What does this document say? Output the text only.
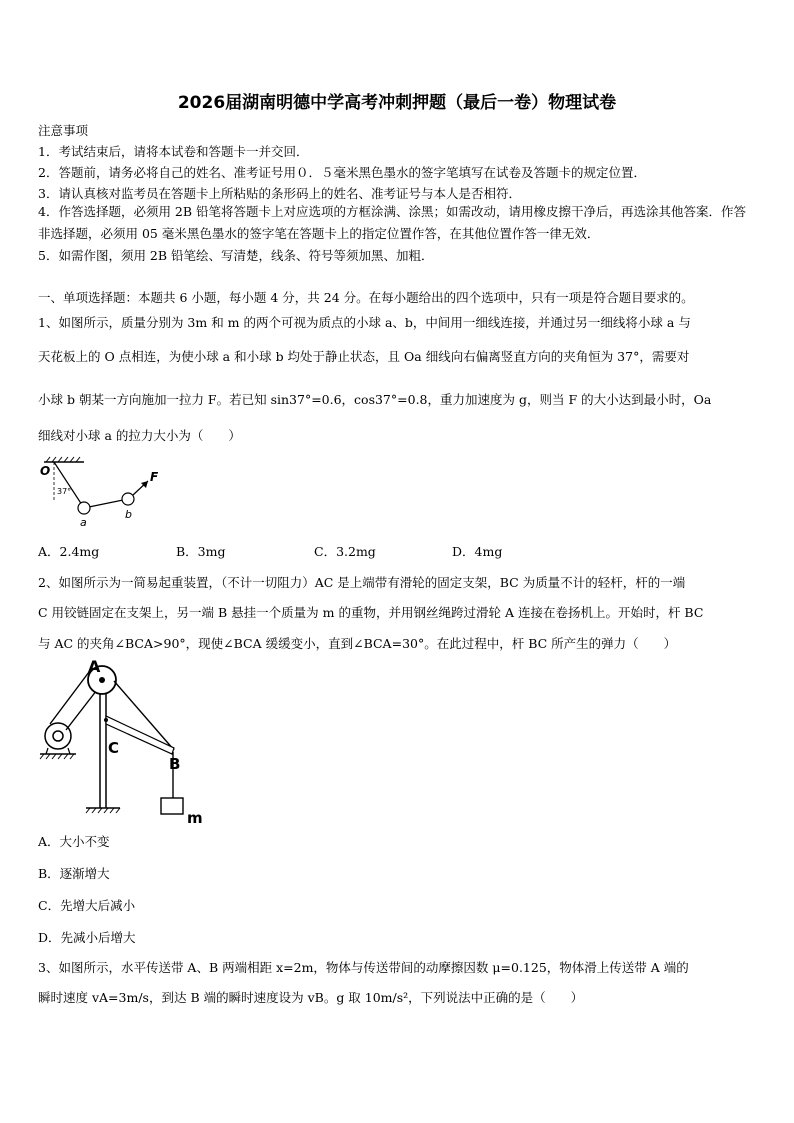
2026届湖南明德中学高考冲刺押题（最后一卷）物理试卷
注意事项
1．考试结束后，请将本试卷和答题卡一并交回．
2．答题前，请务必将自己的姓名、准考证号用０．５毫米黑色墨水的签字笔填写在试卷及答题卡的规定位置．
3．请认真核对监考员在答题卡上所粘贴的条形码上的姓名、准考证号与本人是否相符．
4．作答选择题，必须用 2B 铅笔将答题卡上对应选项的方框涂满、涂黑；如需改动，请用橡皮擦干净后，再选涂其他答案．作答非选择题，必须用 05 毫米黑色墨水的签字笔在答题卡上的指定位置作答，在其他位置作答一律无效．
5．如需作图，须用 2B 铅笔绘、写清楚，线条、符号等须加黑、加粗．
一、单项选择题：本题共 6 小题，每小题 4 分，共 24 分。在每小题给出的四个选项中，只有一项是符合题目要求的。
1、如图所示，质量分别为 3m 和 m 的两个可视为质点的小球 a、b，中间用一细线连接，并通过另一细线将小球 a 与
天花板上的 O 点相连，为使小球 a 和小球 b 均处于静止状态，且 Oa 细线向右偏离竖直方向的夹角恒为 37°，需要对
小球 b 朝某一方向施加一拉力 F。若已知 sin37°=0.6，cos37°=0.8，重力加速度为 g，则当 F 的大小达到最小时，Oa
细线对小球 a 的拉力大小为（　　）
O
37°
a
b
F
A．2.4mg	B．3mg	C．3.2mg	D．4mg
2、如图所示为一简易起重装置，（不计一切阻力）AC 是上端带有滑轮的固定支架，BC 为质量不计的轻杆，杆的一端
C 用铰链固定在支架上，另一端 B 悬挂一个质量为 m 的重物，并用钢丝绳跨过滑轮 A 连接在卷扬机上。开始时，杆 BC
与 AC 的夹角∠BCA>90°，现使∠BCA 缓缓变小，直到∠BCA=30°。在此过程中，杆 BC 所产生的弹力（　　）
A
C
B
m
A．大小不变
B．逐渐增大
C．先增大后减小
D．先减小后增大
3、如图所示，水平传送带 A、B 两端相距 x=2m，物体与传送带间的动摩擦因数 μ=0.125，物体滑上传送带 A 端的
瞬时速度 vA=3m/s，到达 B 端的瞬时速度设为 vB。g 取 10m/s²，下列说法中正确的是（　　）
